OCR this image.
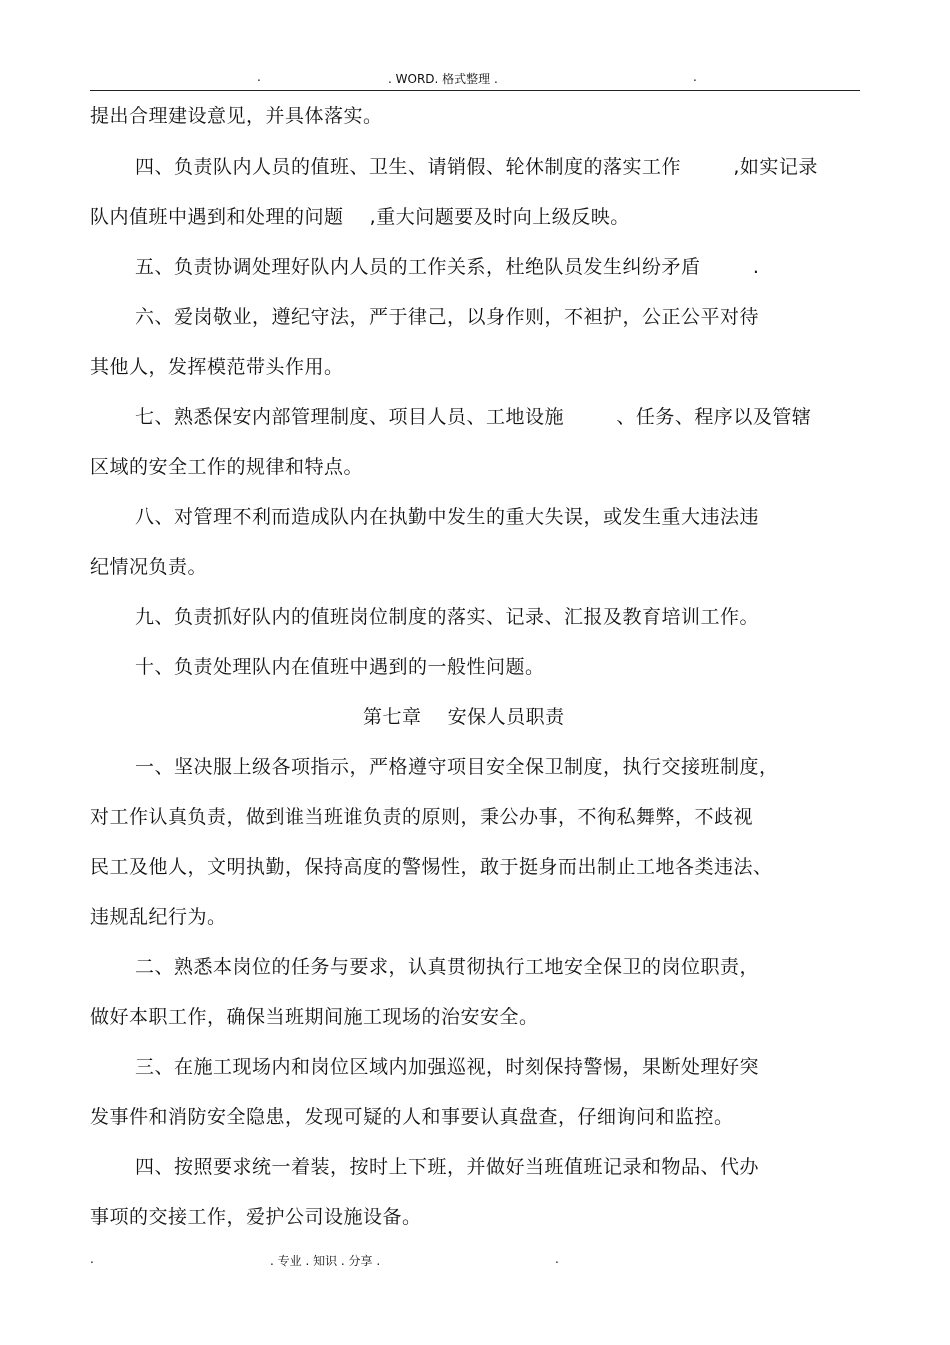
.	. WORD. 格式整理 .	.
提出合理建设意见，并具体落实。
四、负责队内人员的值班、卫生、请销假、轮休制度的落实工作        ,如实记录
队内值班中遇到和处理的问题    ,重大问题要及时向上级反映。
五、负责协调处理好队内人员的工作关系，杜绝队员发生纠纷矛盾        .
六、爱岗敬业，遵纪守法，严于律己，以身作则，不袒护，公正公平对待
其他人，发挥模范带头作用。
七、熟悉保安内部管理制度、项目人员、工地设施        、任务、程序以及管辖
区域的安全工作的规律和特点。
八、对管理不利而造成队内在执勤中发生的重大失误，或发生重大违法违
纪情况负责。
九、负责抓好队内的值班岗位制度的落实、记录、汇报及教育培训工作。
十、负责处理队内在值班中遇到的一般性问题。
第七章    安保人员职责
一、坚决服上级各项指示，严格遵守项目安全保卫制度，执行交接班制度，
对工作认真负责，做到谁当班谁负责的原则，秉公办事，不徇私舞弊，不歧视
民工及他人，文明执勤，保持高度的警惕性，敢于挺身而出制止工地各类违法、
违规乱纪行为。
二、熟悉本岗位的任务与要求，认真贯彻执行工地安全保卫的岗位职责，
做好本职工作，确保当班期间施工现场的治安安全。
三、在施工现场内和岗位区域内加强巡视，时刻保持警惕，果断处理好突
发事件和消防安全隐患，发现可疑的人和事要认真盘查，仔细询问和监控。
四、按照要求统一着装，按时上下班，并做好当班值班记录和物品、代办
事项的交接工作，爱护公司设施设备。
.	. 专业 . 知识 . 分享 .	.
